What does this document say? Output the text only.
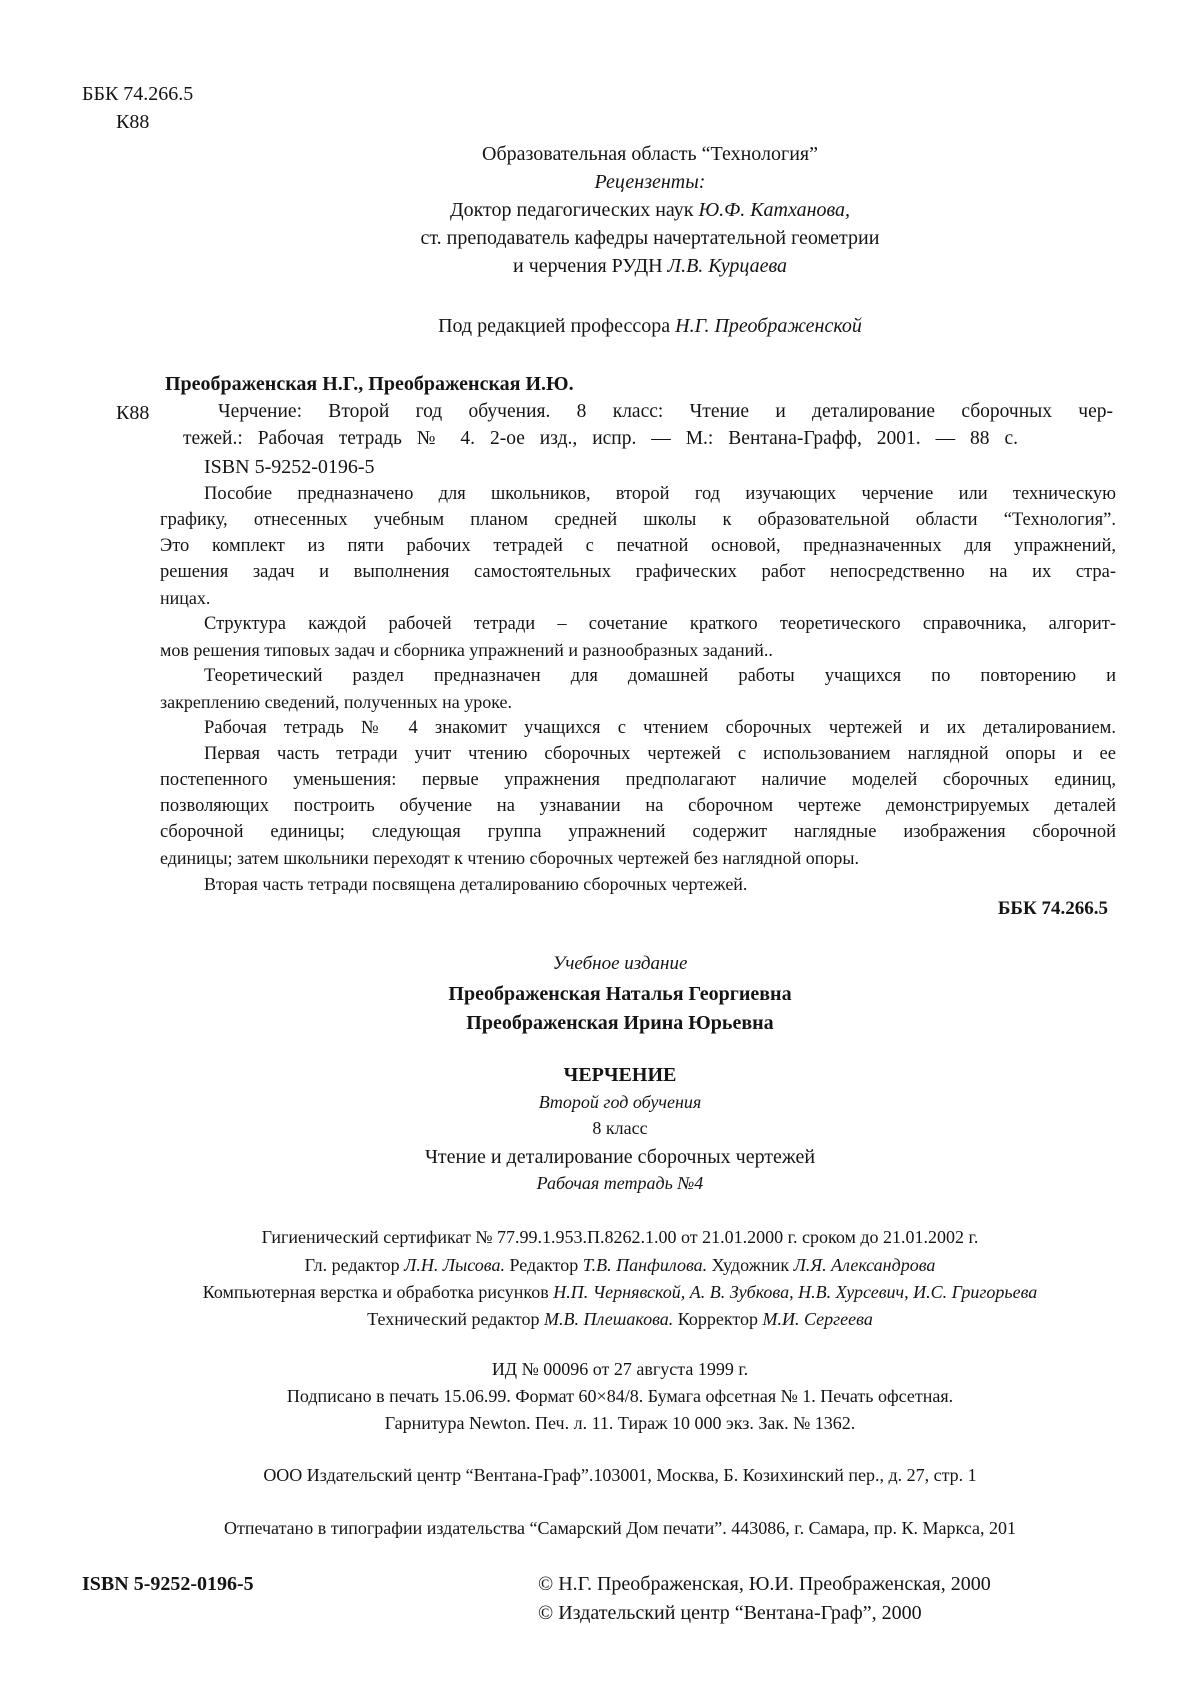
ББК 74.266.5

К88

Образовательная область “Технология”

Рецензенты:

Доктор педагогических наук Ю.Ф. Катханова,

ст. преподаватель кафедры начертательной геометрии

и черчения РУДН Л.В. Курцаева

Под редакцией профессора Н.Г. Преображенской

Преображенская Н.Г., Преображенская И.Ю.

К88	Черчение: Второй год обучения. 8 класс: Чтение и деталирование сборочных чер-

тежей.: Рабочая тетрадь № 4. 2-ое изд., испр. — М.: Вентана-Графф, 2001. — 88 с.

ISBN 5-9252-0196-5

Пособие предназначено для школьников, второй год изучающих черчение или техническую

графику, отнесенных учебным планом средней школы к образовательной области “Технология”.

Это комплект из пяти рабочих тетрадей с печатной основой, предназначенных для упражнений,

решения задач и выполнения самостоятельных графических работ непосредственно на их стра-

ницах.

Структура каждой рабочей тетради – сочетание краткого теоретического справочника, алгорит-

мов решения типовых задач и сборника упражнений и разнообразных заданий..

Теоретический раздел предназначен для домашней работы учащихся по повторению и

закреплению сведений, полученных на уроке.

Рабочая тетрадь № 4 знакомит учащихся с чтением сборочных чертежей и их деталированием.

Первая часть тетради учит чтению сборочных чертежей с использованием наглядной опоры и ее

постепенного уменьшения: первые упражнения предполагают наличие моделей сборочных единиц,

позволяющих построить обучение на узнавании на сборочном чертеже демонстрируемых деталей

сборочной единицы; следующая группа упражнений содержит наглядные изображения сборочной

единицы; затем школьники переходят к чтению сборочных чертежей без наглядной опоры.

Вторая часть тетради посвящена деталированию сборочных чертежей.

ББК 74.266.5

Учебное издание

Преображенская Наталья Георгиевна

Преображенская Ирина Юрьевна

ЧЕРЧЕНИЕ

Второй год обучения

8 класс

Чтение и деталирование сборочных чертежей

Рабочая тетрадь №4

Гигиенический сертификат № 77.99.1.953.П.8262.1.00 от 21.01.2000 г. сроком до 21.01.2002 г.

Гл. редактор Л.Н. Лысова. Редактор Т.В. Панфилова. Художник Л.Я. Александрова

Компьютерная верстка и обработка рисунков Н.П. Чернявской, А. В. Зубкова, Н.В. Хурсевич, И.С. Григорьева

Технический редактор М.В. Плешакова. Корректор М.И. Сергеева

ИД № 00096 от 27 августа 1999 г.

Подписано в печать 15.06.99. Формат 60×84/8. Бумага офсетная № 1. Печать офсетная.

Гарнитура Newton. Печ. л. 11. Тираж 10 000 экз. Зак. № 1362.

ООО Издательский центр “Вентана-Граф”.103001, Москва, Б. Козихинский пер., д. 27, стр. 1

Отпечатано в типографии издательства “Самарский Дом печати”. 443086, г. Самара, пр. К. Маркса, 201

ISBN 5-9252-0196-5	© Н.Г. Преображенская, Ю.И. Преображенская, 2000

© Издательский центр “Вентана-Граф”, 2000
